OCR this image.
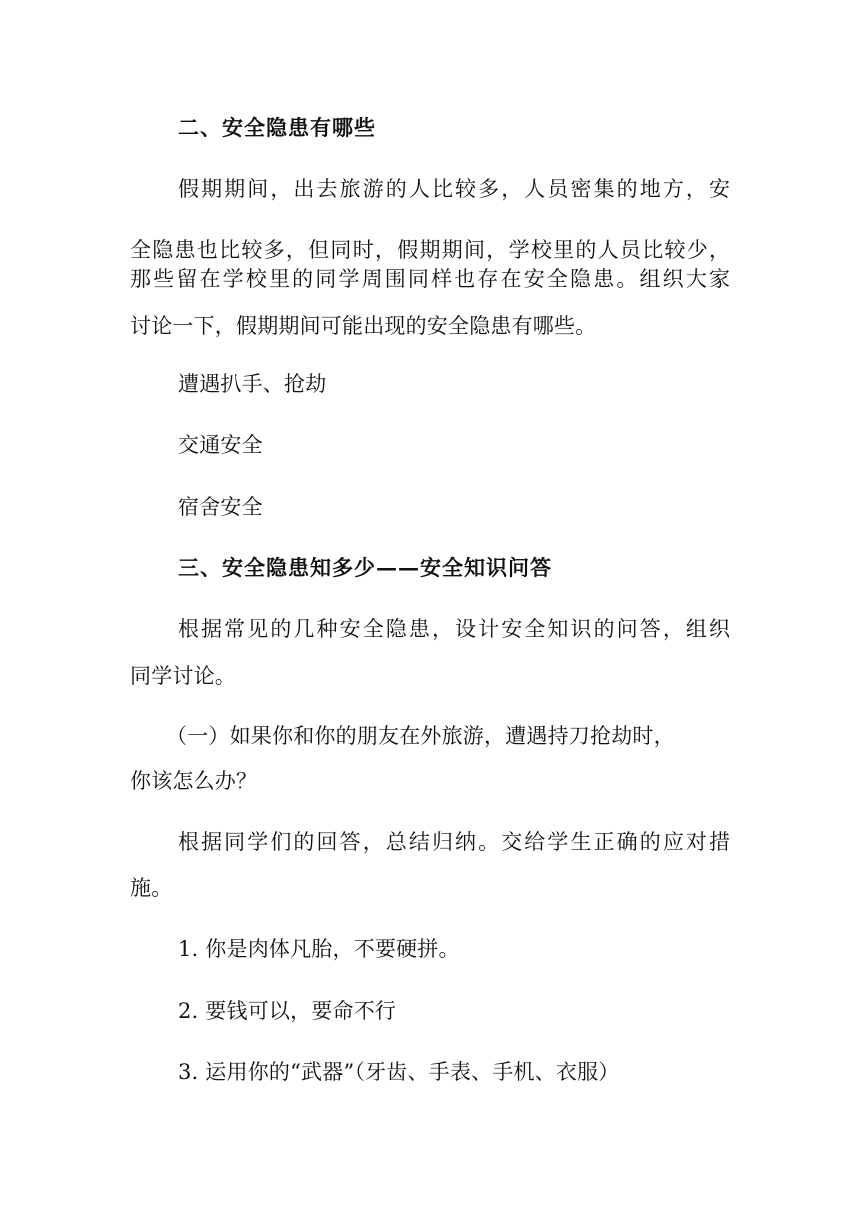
二、安全隐患有哪些
假期期间，出去旅游的人比较多，人员密集的地方，安
全隐患也比较多，但同时，假期期间，学校里的人员比较少，
那些留在学校里的同学周围同样也存在安全隐患。组织大家
讨论一下，假期期间可能出现的安全隐患有哪些。
遭遇扒手、抢劫
交通安全
宿舍安全
三、安全隐患知多少——安全知识问答
根据常见的几种安全隐患，设计安全知识的问答，组织
同学讨论。
（一）如果你和你的朋友在外旅游，遭遇持刀抢劫时，
你该怎么办？
根据同学们的回答，总结归纳。交给学生正确的应对措
施。
1. 你是肉体凡胎，不要硬拼。
2. 要钱可以，要命不行
3. 运用你的“武器”（牙齿、手表、手机、衣服）
